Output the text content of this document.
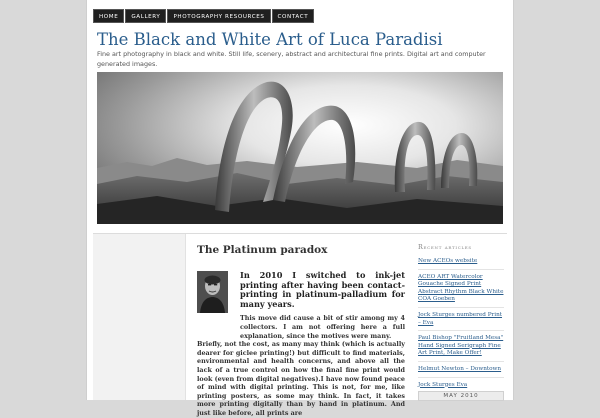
HOME	GALLERY	PHOTOGRAPHY RESOURCES	CONTACT
The Black and White Art of Luca Paradisi
Fine art photography in black and white. Still life, scenery, abstract and architectural fine prints. Digital art and computer generated images.
The Platinum paradox

In 2010 I switched to ink-jet printing after having been contact-printing in platinum-palladium for many years.

This move did cause a bit of stir among my 4 collectors. I am not offering here a full explanation, since the motives were many.

Briefly, not the cost, as many may think (which is actually dearer for giclee printing!) but difficult to find materials, environmental and health concerns, and above all the lack of a true control on how the final fine print would look (even from digital negatives).I have now found peace of mind with digital printing. This is not, for me, like printing posters, as some may think. In fact, it takes more printing digitally than by hand in platinum. And just like before, all prints are

Recent articles
New ACEOs website
ACEO ART Watercolor Gouache Signed Print Abstract Rhythm Black White COA Goeben
Jock Sturges numbered Print – Eva
Paul Bishop "Fruitland Mesa" Hand Signed Serigraph Fine Art Print, Make Offer!
Helmut Newton – Downtown
Jock Sturges Eva
MAY 2010
